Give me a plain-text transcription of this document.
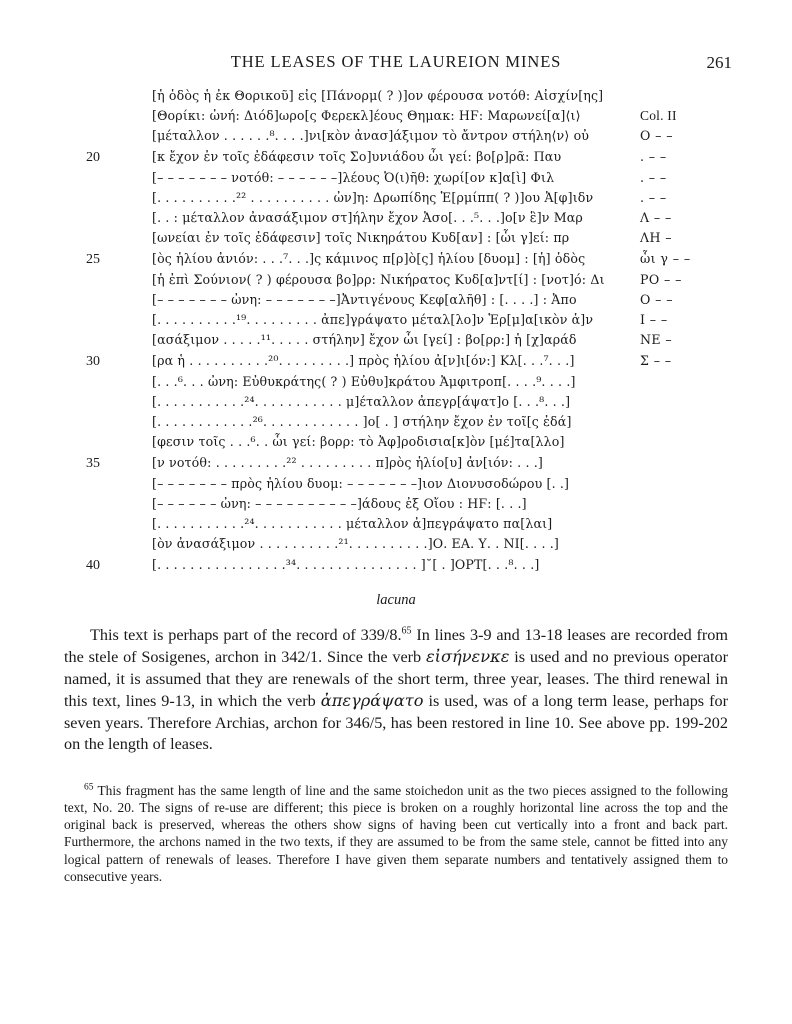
THE LEASES OF THE LAUREION MINES	261
[ἡ ὁδὸς ἡ ἐκ Θορικοῦ] εἰς [Πάνορμ( ? )]ον φέρουσα νοτόθ: Αἰσχίν[ης]
[Θορίκι: ὠνή: Διόδ]ωρο[ς Φερεκλ]έους Θημακ: ΗϜ: Μαρωνεί[α]⟨ι⟩	Col. II
[μέταλλον . . . . . .⁸. . . .]νι[κὸν ἀνασ]άξιμον τὸ ἄντρον στήλη⟨ν⟩ οὐ	Ο – –
20	[κ ἔχον ἐν τοῖς ἐδάφεσιν τοῖς Σο]υνιάδου ὧι γεί: βο[ρ]ρᾶ: Παυ	. – –
[– – – – – – – νοτόθ: – – – – – –]λέους Ὀ(ι)ῆθ: χωρί[ον κ]α[ὶ] Φιλ	. – –
[. . . . . . . . . .²² . . . . . . . . . . ὠν]η: Δρωπίδης Ἑ[ρμίππ( ? )]ου Ἀ[φ]ιδν	. – –
[. . : μέταλλον ἀνασάξιμον στ]ήλην ἔχον Ἀσο[. . .⁵. . .]ο[ν ἓ]ν Μαρ	Λ – –
[ωνείαι ἐν τοῖς ἐδάφεσιν] τοῖς Νικηράτου Κυδ[αν] : [ὧι γ]εί: πρ	ΛΗ –
25	[ὸς ἡλίου ἀνιόν: . . .⁷. . .]ς κάμινος π[ρ]ὸ[ς] ἡλίου [δυομ] : [ἡ] ὁδὸς	ὧι γ – –
[ἡ ἐπὶ Σούνιον( ? ) φέρουσα βο]ρρ: Νικήρατος Κυδ[α]ντ[ί] : [νοτ]ό: Δι	ΡΟ – –
[– – – – – – – ὠνη: – – – – – – –]Ἀντιγένους Κεφ[αλῆθ] : [. . . .] : Ἀπο	Ο – –
[. . . . . . . . . .¹⁹. . . . . . . . . ἀπε]γράψατο μέταλ[λο]ν Ἑρ[μ]α[ικὸν ἁ]ν	Ι – –
[ασάξιμον . . . . .¹¹. . . . . στήλην] ἔχον ὧι [γεί] : βο[ρρ:] ἡ [χ]αράδ	ΝΕ –
30	[ρα ἡ . . . . . . . . . .²⁰. . . . . . . . .] πρὸς ἡλίου ἀ[ν]ι[όν:] Κλ[. . .⁷. . .]	Σ – –
[. . .⁶. . . ὠνη: Εὐθυκράτης( ? ) Εὐθυ]κράτου Ἀμφιτροπ[. . . .⁹. . . .]
[. . . . . . . . . . .²⁴. . . . . . . . . . . μ]έταλλον ἀπεγρ[άψατ]ο [. . .⁸. . .]
[. . . . . . . . . . . .²⁶. . . . . . . . . . . . ]ο[ . ] στήλην ἔχον ἐν τοῖ[ς ἐδά]
[φεσιν τοῖς . . .⁶. . ὧι γεί: βορρ: τὸ Ἀφ]ροδισια[κ]ὸν [μέ]τα[λλο]
35	[ν νοτόθ: . . . . . . . . .²² . . . . . . . . . π]ρὸς ἡλίο[υ] ἀν[ιόν: . . .]
[– – – – – – – πρὸς ἡλίου δυομ: – – – – – – –]ιον Διονυσοδώρου [. .]
[– – – – – – ὠνη: – – – – – – – – – –]άδους ἐξ Οἴου : ΗϜ: [. . .]
[. . . . . . . . . . .²⁴. . . . . . . . . . . μέταλλον ἀ]πεγράψατο πα[λαι]
[ὸν ἀνασάξιμον . . . . . . . . . .²¹. . . . . . . . . .]Ο. ΕΑ. Υ. . ΝΙ[. . . .]
40	[. . . . . . . . . . . . . . . .³⁴. . . . . . . . . . . . . . . ]˘[ . ]ΟΡΤ[. . .⁸. . .]
lacuna

This text is perhaps part of the record of 339/8.65 In lines 3-9 and 13-18 leases are recorded from the stele of Sosigenes, archon in 342/1. Since the verb εἰσήνενκε is used and no previous operator named, it is assumed that they are renewals of the short term, three year, leases. The third renewal in this text, lines 9-13, in which the verb ἀπεγράψατο is used, was of a long term lease, perhaps for seven years. Therefore Archias, archon for 346/5, has been restored in line 10. See above pp. 199-202 on the length of leases.

$^{65}$ This fragment has the same length of line and the same stoichedon unit as the two pieces assigned to the following text, No. 20. The signs of re-use are different; this piece is broken on a roughly horizontal line across the top and the original back is preserved, whereas the others show signs of having been cut vertically into a front and back part. Furthermore, the archons named in the two texts, if they are assumed to be from the same stele, cannot be fitted into any logical pattern of renewals of leases. Therefore I have given them separate numbers and tentatively assigned them to consecutive years.
